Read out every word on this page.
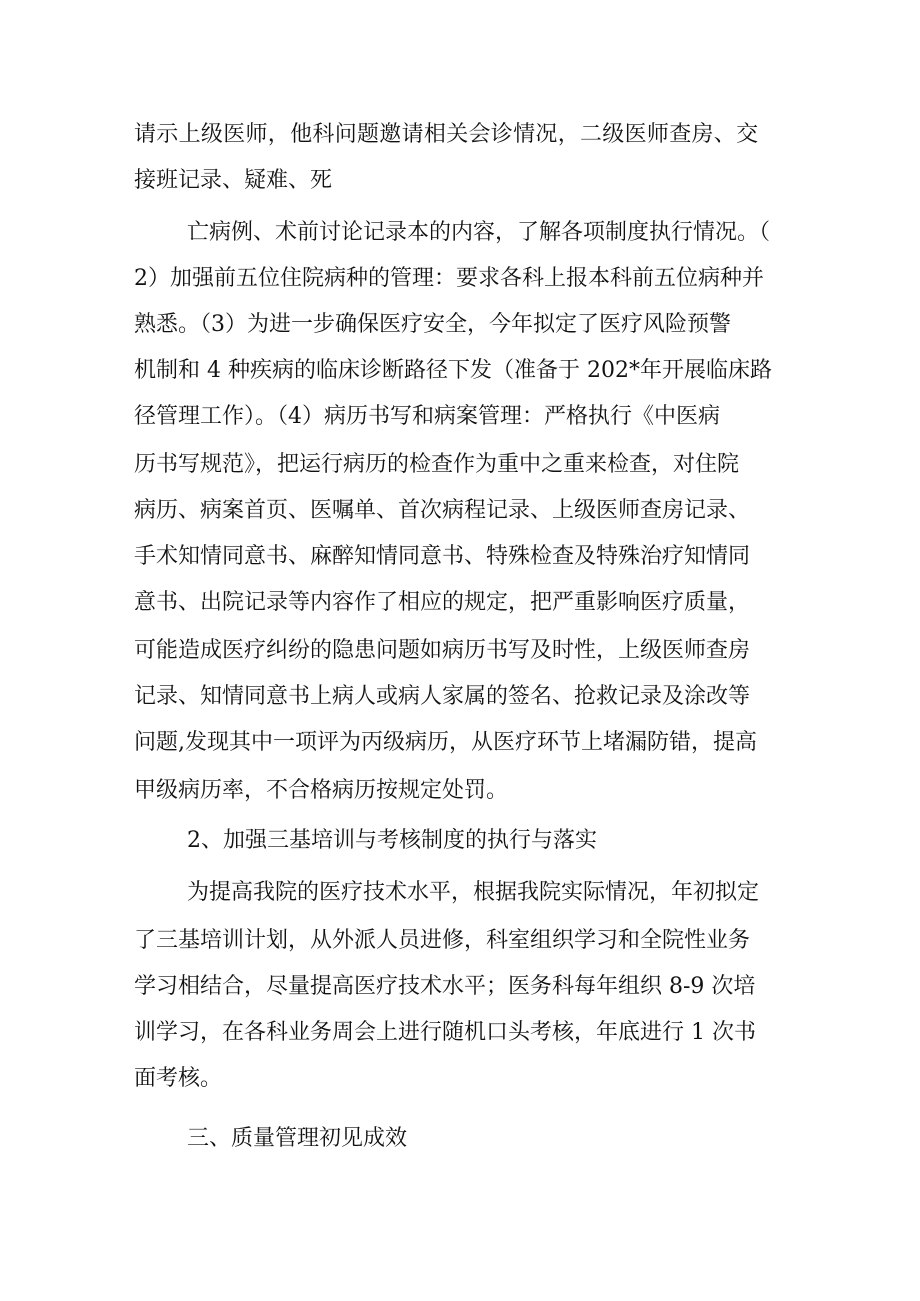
请示上级医师，他科问题邀请相关会诊情况，二级医师查房、交
接班记录、疑难、死
亡病例、术前讨论记录本的内容，了解各项制度执行情况。（
2）加强前五位住院病种的管理：要求各科上报本科前五位病种并
熟悉。（3）为进一步确保医疗安全，今年拟定了医疗风险预警
机制和 4 种疾病的临床诊断路径下发（准备于 202*年开展临床路
径管理工作）。（4）病历书写和病案管理：严格执行《中医病
历书写规范》，把运行病历的检查作为重中之重来检查，对住院
病历、病案首页、医嘱单、首次病程记录、上级医师查房记录、
手术知情同意书、麻醉知情同意书、特殊检查及特殊治疗知情同
意书、出院记录等内容作了相应的规定，把严重影响医疗质量，
可能造成医疗纠纷的隐患问题如病历书写及时性，上级医师查房
记录、知情同意书上病人或病人家属的签名、抢救记录及涂改等
问题,发现其中一项评为丙级病历，从医疗环节上堵漏防错，提高
甲级病历率，不合格病历按规定处罚。
2、加强三基培训与考核制度的执行与落实
为提高我院的医疗技术水平，根据我院实际情况，年初拟定
了三基培训计划，从外派人员进修，科室组织学习和全院性业务
学习相结合，尽量提高医疗技术水平；医务科每年组织 8-9 次培
训学习，在各科业务周会上进行随机口头考核，年底进行 1 次书
面考核。
三、质量管理初见成效
